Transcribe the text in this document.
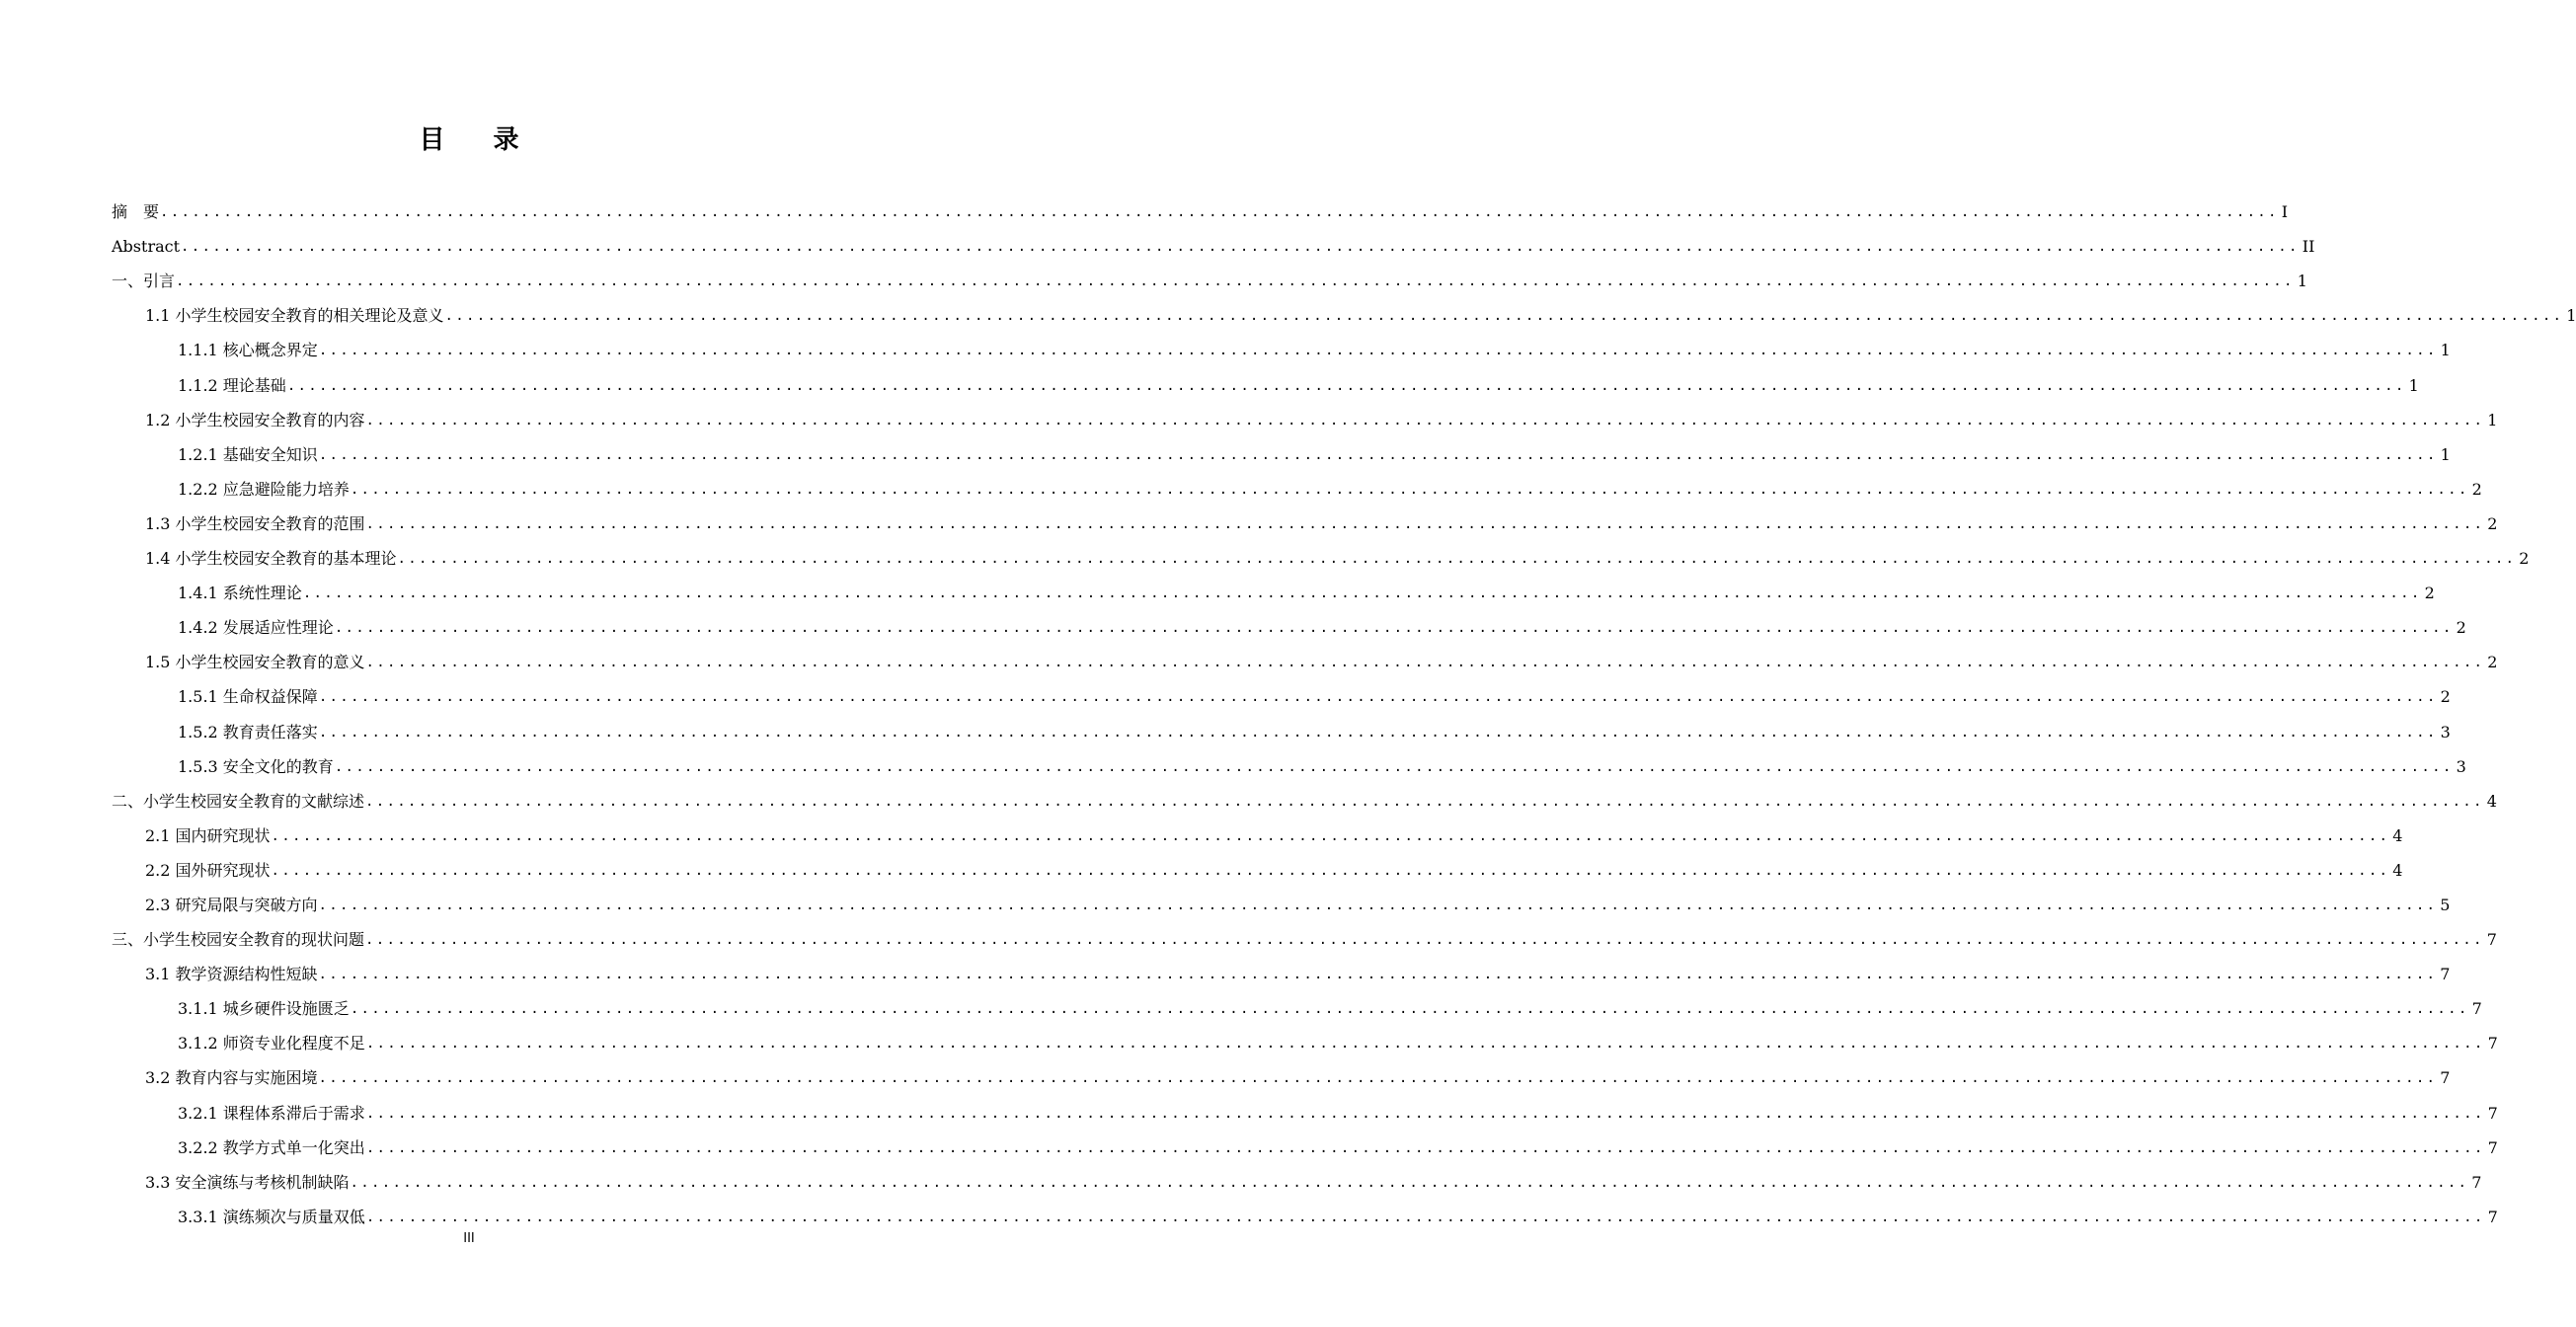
目 录
摘　要 ........................................................................................................................................................................................................ I
Abstract ........................................................................................................................................................................................................ II
一、引言 ........................................................................................................................................................................................................ 1
1.1 小学生校园安全教育的相关理论及意义 ........................................................................................................................................................................................................ 1
1.1.1 核心概念界定 ........................................................................................................................................................................................................ 1
1.1.2 理论基础 ........................................................................................................................................................................................................ 1
1.2 小学生校园安全教育的内容 ........................................................................................................................................................................................................ 1
1.2.1 基础安全知识 ........................................................................................................................................................................................................ 1
1.2.2 应急避险能力培养 ........................................................................................................................................................................................................ 2
1.3 小学生校园安全教育的范围 ........................................................................................................................................................................................................ 2
1.4 小学生校园安全教育的基本理论 ........................................................................................................................................................................................................ 2
1.4.1 系统性理论 ........................................................................................................................................................................................................ 2
1.4.2 发展适应性理论 ........................................................................................................................................................................................................ 2
1.5 小学生校园安全教育的意义 ........................................................................................................................................................................................................ 2
1.5.1 生命权益保障 ........................................................................................................................................................................................................ 2
1.5.2 教育责任落实 ........................................................................................................................................................................................................ 3
1.5.3 安全文化的教育 ........................................................................................................................................................................................................ 3
二、小学生校园安全教育的文献综述 ........................................................................................................................................................................................................ 4
2.1 国内研究现状 ........................................................................................................................................................................................................ 4
2.2 国外研究现状 ........................................................................................................................................................................................................ 4
2.3 研究局限与突破方向 ........................................................................................................................................................................................................ 5
三、小学生校园安全教育的现状问题 ........................................................................................................................................................................................................ 7
3.1 教学资源结构性短缺 ........................................................................................................................................................................................................ 7
3.1.1 城乡硬件设施匮乏 ........................................................................................................................................................................................................ 7
3.1.2 师资专业化程度不足 ........................................................................................................................................................................................................ 7
3.2 教育内容与实施困境 ........................................................................................................................................................................................................ 7
3.2.1 课程体系滞后于需求 ........................................................................................................................................................................................................ 7
3.2.2 教学方式单一化突出 ........................................................................................................................................................................................................ 7
3.3 安全演练与考核机制缺陷 ........................................................................................................................................................................................................ 7
3.3.1 演练频次与质量双低 ........................................................................................................................................................................................................ 7
III
